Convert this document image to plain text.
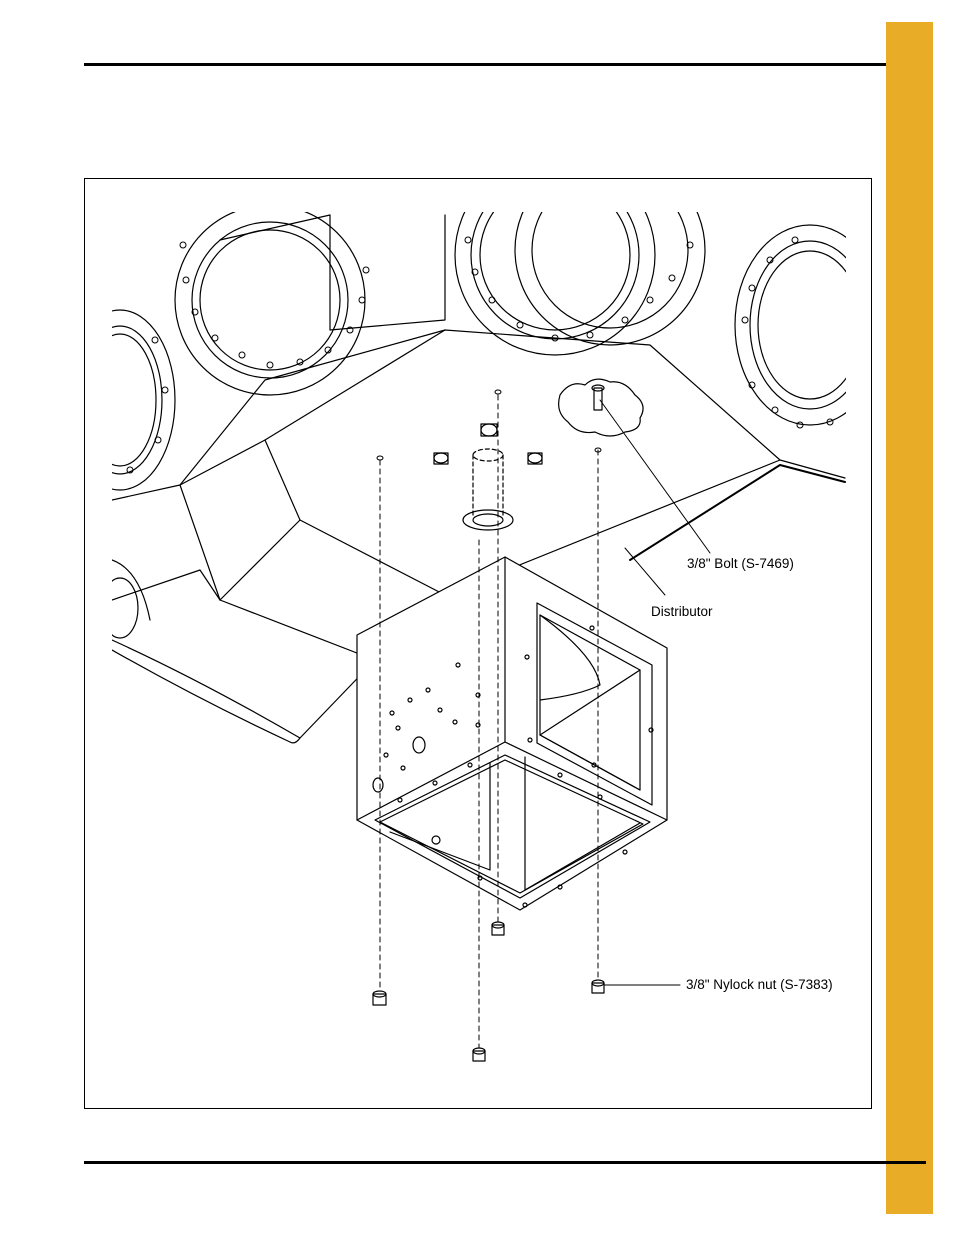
3/8" Bolt (S-7469)
Distributor
3/8" Nylock nut (S-7383)
